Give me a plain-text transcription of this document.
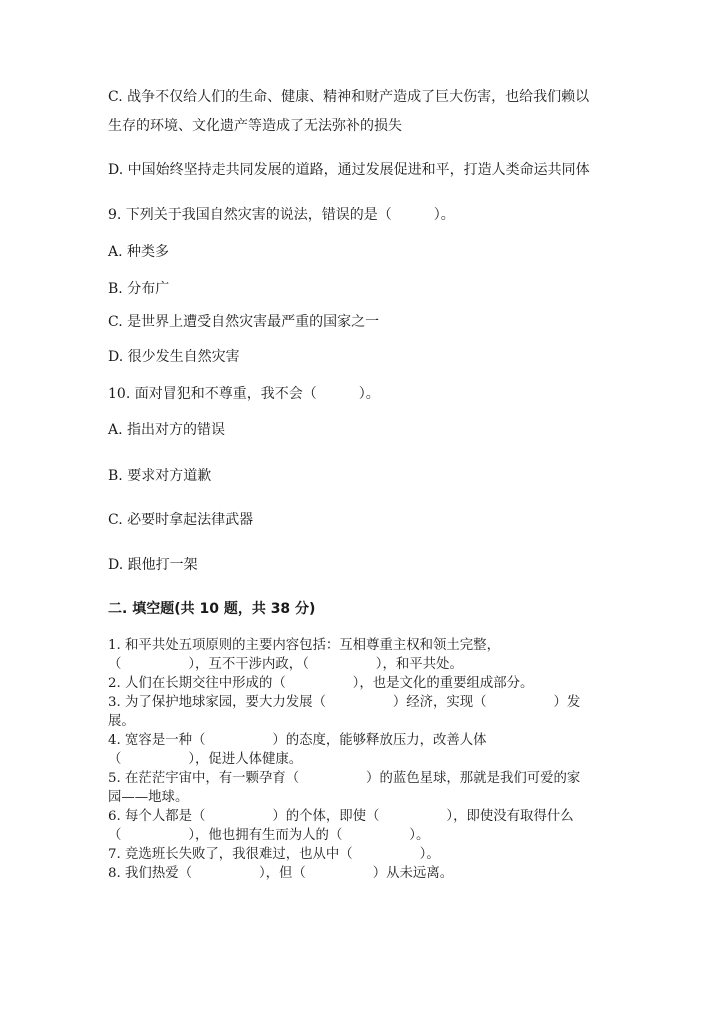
C. 战争不仅给人们的生命、健康、精神和财产造成了巨大伤害，也给我们赖以
生存的环境、文化遗产等造成了无法弥补的损失
D. 中国始终坚持走共同发展的道路，通过发展促进和平，打造人类命运共同体
9. 下列关于我国自然灾害的说法，错误的是（　　　）。
A. 种类多
B. 分布广
C. 是世界上遭受自然灾害最严重的国家之一
D. 很少发生自然灾害
10. 面对冒犯和不尊重，我不会（　　　）。
A. 指出对方的错误
B. 要求对方道歉
C. 必要时拿起法律武器
D. 跟他打一架
二. 填空题(共 10 题，共 38 分)
1. 和平共处五项原则的主要内容包括：互相尊重主权和领土完整，
（　　　　　），互不干涉内政，（　　　　　），和平共处。
2. 人们在长期交往中形成的（　　　　　），也是文化的重要组成部分。
3. 为了保护地球家园，要大力发展（　　　　　）经济，实现（　　　　　）发
展。
4. 宽容是一种（　　　　　）的态度，能够释放压力，改善人体
（　　　　　），促进人体健康。
5. 在茫茫宇宙中，有一颗孕育（　　　　　）的蓝色星球，那就是我们可爱的家
园——地球。
6. 每个人都是（　　　　　）的个体，即使（　　　　　），即使没有取得什么
（　　　　　），他也拥有生而为人的（　　　　　）。
7. 竞选班长失败了，我很难过，也从中（　　　　　）。
8. 我们热爱（　　　　　），但（　　　　　）从未远离。
